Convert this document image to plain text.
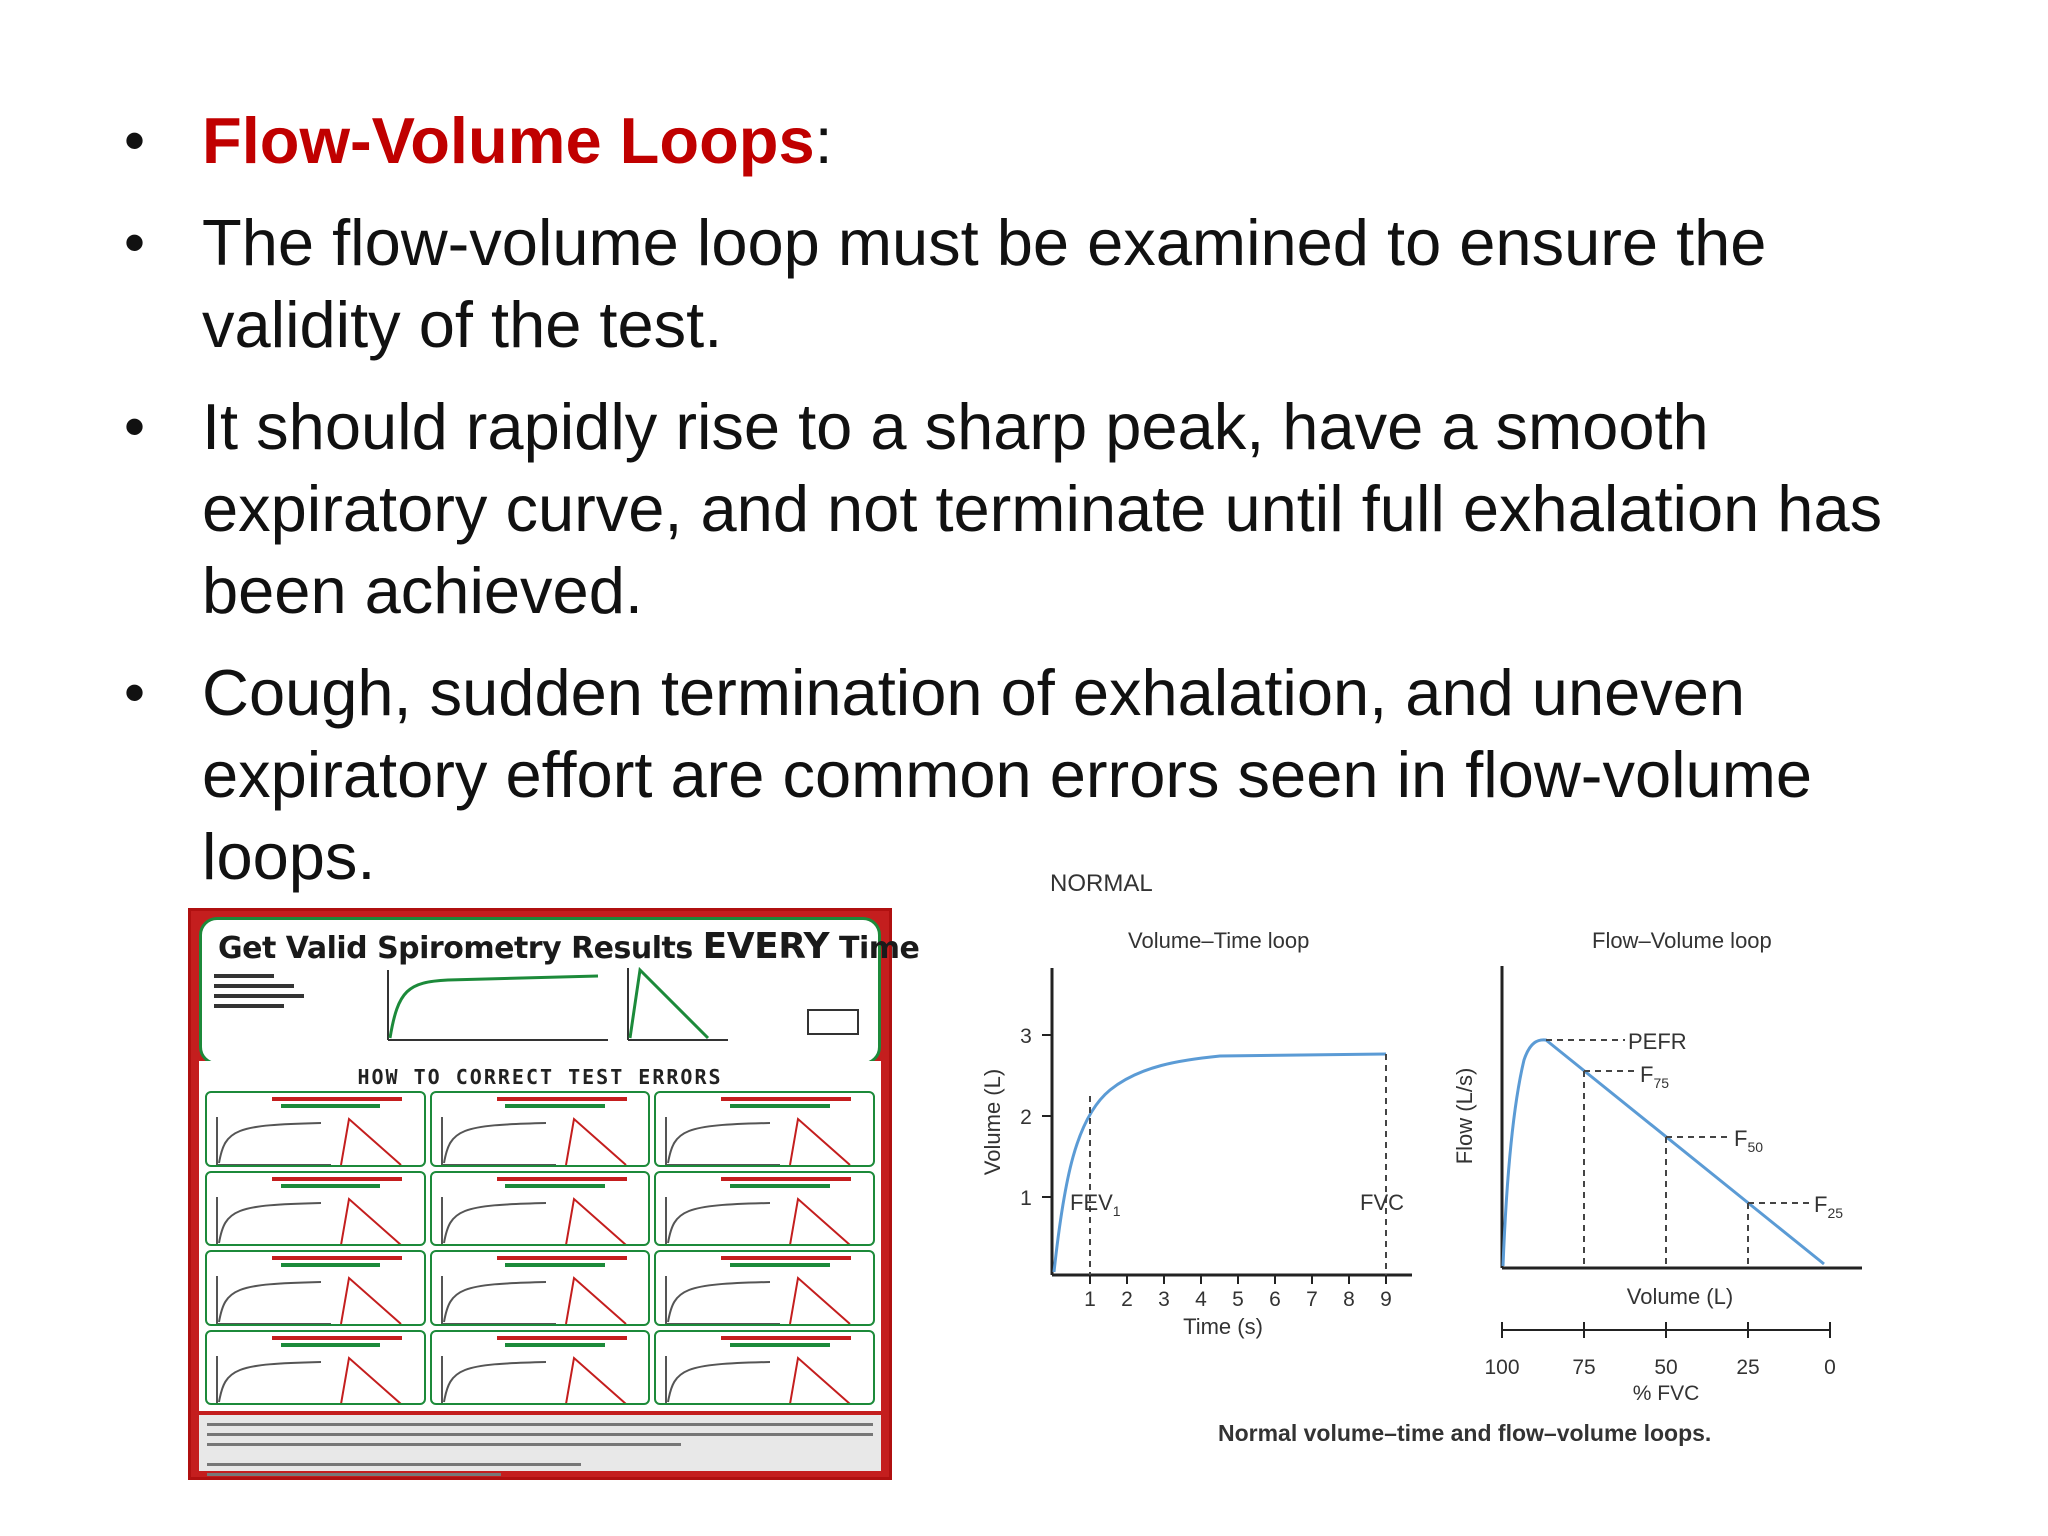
• Flow-Volume Loops:
• The flow-volume loop must be examined to ensure the validity of the test.
• It should rapidly rise to a sharp peak, have a smooth expiratory curve, and not terminate until full exhalation has been achieved.
• Cough, sudden termination of exhalation, and uneven expiratory effort are common errors seen in flow-volume loops.
Get Valid Spirometry Results EVERY Time
HOW TO CORRECT TEST ERRORS
NORMAL
Volume–Time loop	Flow–Volume loop
Normal volume–time and flow–volume loops.
Volume (L)
3
2
1
1 2 3 4 5 6 7 8 9
Time (s)
$FEV_1$	FVC
Flow (L/s)
PEFR
$F_{75}$
$F_{50}$
$F_{25}$
Volume (L)
100	75	50	25	0
% FVC
